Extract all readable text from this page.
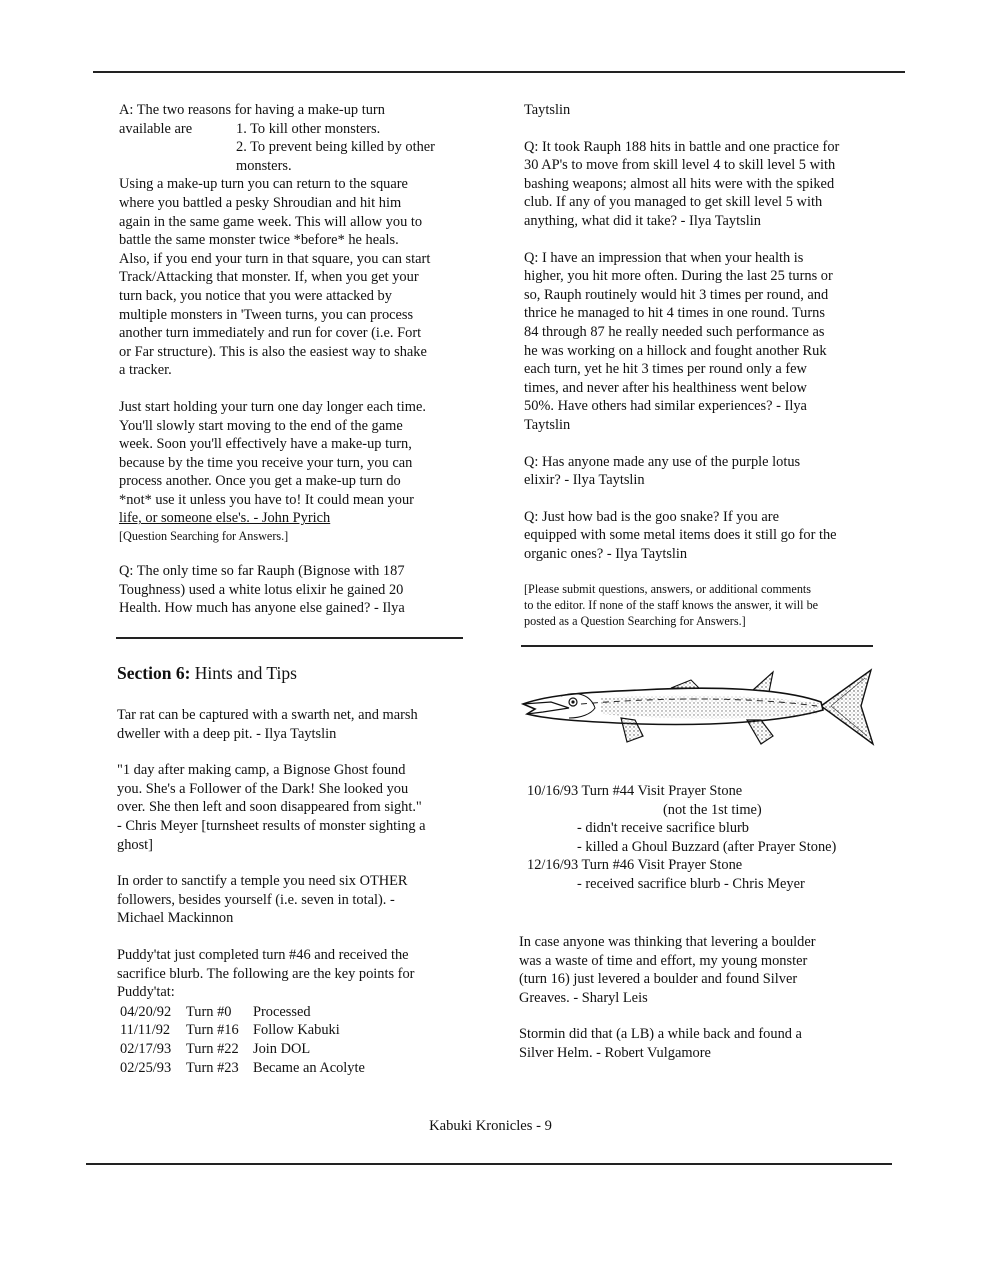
A: The two reasons for having a make-up turn

available are	1. To kill other monsters.

2. To prevent being killed by other

monsters.

Using a make-up turn you can return to the square

where you battled a pesky Shroudian and hit him

again in the same game week. This will allow you to

battle the same monster twice *before* he heals.

Also, if you end your turn in that square, you can start

Track/Attacking that monster. If, when you get your

turn back, you notice that you were attacked by

multiple monsters in 'Tween turns, you can process

another turn immediately and run for cover (i.e. Fort

or Far structure). This is also the easiest way to shake

a tracker.

Just start holding your turn one day longer each time.

You'll slowly start moving to the end of the game

week. Soon you'll effectively have a make-up turn,

because by the time you receive your turn, you can

process another. Once you get a make-up turn do

*not* use it unless you have to! It could mean your

life, or someone else's. - John Pyrich

[Question Searching for Answers.]

Q: The only time so far Rauph (Bignose with 187

Toughness) used a white lotus elixir he gained 20

Health. How much has anyone else gained? - Ilya

Taytslin

Q: It took Rauph 188 hits in battle and one practice for

30 AP's to move from skill level 4 to skill level 5 with

bashing weapons; almost all hits were with the spiked

club. If any of you managed to get skill level 5 with

anything, what did it take? - Ilya Taytslin

Q: I have an impression that when your health is

higher, you hit more often. During the last 25 turns or

so, Rauph routinely would hit 3 times per round, and

thrice he managed to hit 4 times in one round. Turns

84 through 87 he really needed such performance as

he was working on a hillock and fought another Ruk

each turn, yet he hit 3 times per round only a few

times, and never after his healthiness went below

50%. Have others had similar experiences? - Ilya

Taytslin

Q: Has anyone made any use of the purple lotus

elixir? - Ilya Taytslin

Q: Just how bad is the goo snake? If you are

equipped with some metal items does it still go for the

organic ones? - Ilya Taytslin

[Please submit questions, answers, or additional comments

to the editor. If none of the staff knows the answer, it will be

posted as a Question Searching for Answers.]

Section 6: Hints and Tips

Tar rat can be captured with a swarth net, and marsh

dweller with a deep pit. - Ilya Taytslin

"1 day after making camp, a Bignose Ghost found

you. She's a Follower of the Dark! She looked you

over. She then left and soon disappeared from sight."

- Chris Meyer [turnsheet results of monster sighting a

ghost]

In order to sanctify a temple you need six OTHER

followers, besides yourself (i.e. seven in total). -

Michael Mackinnon

Puddy'tat just completed turn #46 and received the

sacrifice blurb. The following are the key points for

Puddy'tat:

04/20/92	Turn #0	Processed
11/11/92	Turn #16 Follow Kabuki
02/17/93	Turn #22 Join DOL
02/25/93	Turn #23 Became an Acolyte
10/16/93 Turn #44 Visit Prayer Stone
(not the 1st time)
- didn't receive sacrifice blurb
- killed a Ghoul Buzzard (after Prayer Stone)
12/16/93 Turn #46 Visit Prayer Stone
- received sacrifice blurb - Chris Meyer

In case anyone was thinking that levering a boulder

was a waste of time and effort, my young monster

(turn 16) just levered a boulder and found Silver

Greaves. - Sharyl Leis

Stormin did that (a LB) a while back and found a

Silver Helm. - Robert Vulgamore

Kabuki Kronicles - 9
